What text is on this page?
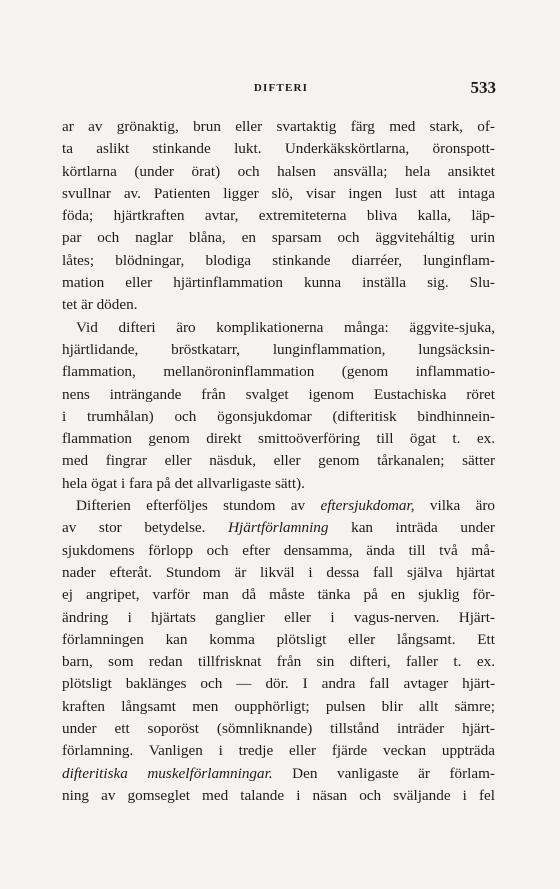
DIFTERI	533
ar av grönaktig, brun eller svartaktig färg med stark, of-
ta aslikt stinkande lukt. Underkäkskörtlarna, öronspott-
körtlarna (under örat) och halsen ansvälla; hela ansiktet
svullnar av. Patienten ligger slö, visar ingen lust att intaga
föda; hjärtkraften avtar, extremiteterna bliva kalla, läp-
par och naglar blåna, en sparsam och äggviteháltig urin
låtes; blödningar, blodiga stinkande diarréer, lunginflam-
mation eller hjärtinflammation kunna inställa sig. Slu-
tet är döden.
Vid difteri äro komplikationerna många: äggvite-sjuka,
hjärtlidande, bröstkatarr, lunginflammation, lungsäcksin-
flammation, mellanöroninflammation (genom inflammatio-
nens inträngande från svalget igenom Eustachiska röret
i trumhålan) och ögonsjukdomar (difteritisk bindhinnein-
flammation genom direkt smittoöverföring till ögat t. ex.
med fingrar eller näsduk, eller genom tårkanalen; sätter
hela ögat i fara på det allvarligaste sätt).
Difterien efterföljes stundom av eftersjukdomar, vilka äro
av stor betydelse. Hjärtförlamning kan inträda under
sjukdomens förlopp och efter densamma, ända till två må-
nader efteråt. Stundom är likväl i dessa fall själva hjärtat
ej angripet, varför man då måste tänka på en sjuklig för-
ändring i hjärtats ganglier eller i vagus-nerven. Hjärt-
förlamningen kan komma plötsligt eller långsamt. Ett
barn, som redan tillfrisknat från sin difteri, faller t. ex.
plötsligt baklänges och — dör. I andra fall avtager hjärt-
kraften långsamt men oupphörligt; pulsen blir allt sämre;
under ett soporöst (sömnliknande) tillstånd inträder hjärt-
förlamning. Vanligen i tredje eller fjärde veckan uppträda
difteritiska muskelförlamningar. Den vanligaste är förlam-
ning av gomseglet med talande i näsan och sväljande i fel
